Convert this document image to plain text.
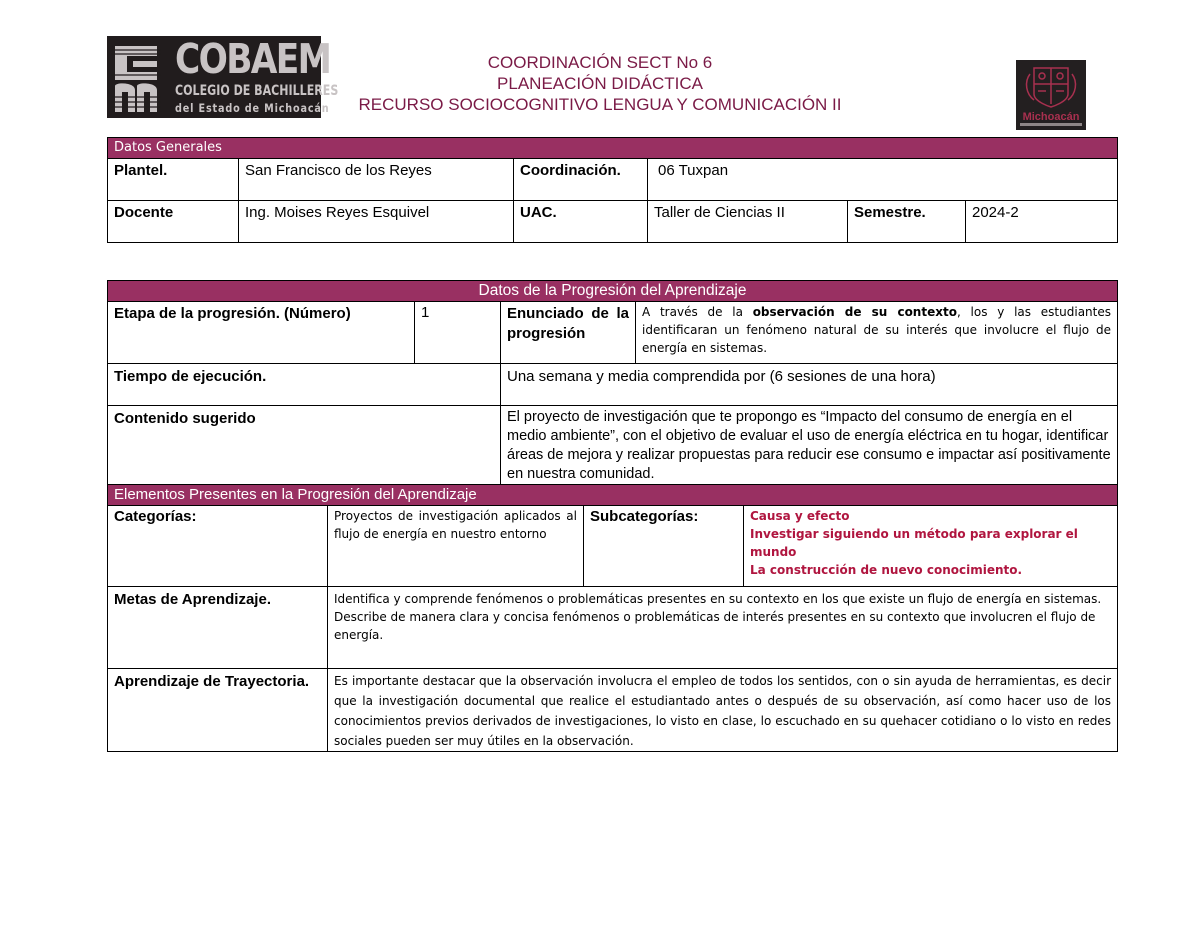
COBAEM
COLEGIO DE BACHILLERES
del Estado de Michoacán
COORDINACIÓN SECT No 6
PLANEACIÓN DIDÁCTICA
RECURSO SOCIOCOGNITIVO LENGUA Y COMUNICACIÓN II
Michoacán
Datos Generales					
Plantel.	San Francisco de los Reyes	Coordinación.	06 Tuxpan		
Docente	Ing. Moises Reyes Esquivel	UAC.	Taller de Ciencias II	Semestre.	2024-2
Datos de la Progresión del Aprendizaje						
Etapa de la progresión. (Número)		1	Enunciado de la progresión		A través de la observación de su contexto, los y las estudiantes identificaran un fenómeno natural de su interés que involucre el flujo de energía en sistemas.	
Tiempo de ejecución.			Una semana y media comprendida por (6 sesiones de una hora)			
Contenido sugerido			El proyecto de investigación que te propongo es “Impacto del consumo de energía en el medio ambiente”, con el objetivo de evaluar el uso de energía eléctrica en tu hogar, identificar áreas de mejora y realizar propuestas para reducir ese consumo e impactar así positivamente en nuestra comunidad.			
Elementos Presentes en la Progresión del Aprendizaje						
Categorías:	Proyectos de investigación aplicados al flujo de energía en nuestro entorno			Subcategorías:		Causa y efecto
Investigar siguiendo un método para explorar el mundo
La construcción de nuevo conocimiento.

Metas de Aprendizaje.	Identifica y comprende fenómenos o problemáticas presentes en su contexto en los que existe un flujo de energía en sistemas.
Describe de manera clara y concisa fenómenos o problemáticas de interés presentes en su contexto que involucren el flujo de energía.					

Aprendizaje de Trayectoria.	Es importante destacar que la observación involucra el empleo de todos los sentidos, con o sin ayuda de herramientas, es decir que la investigación documental que realice el estudiantado antes o después de su observación, así como hacer uso de los conocimientos previos derivados de investigaciones, lo visto en clase, lo escuchado en su quehacer cotidiano o lo visto en redes sociales pueden ser muy útiles en la observación.					
